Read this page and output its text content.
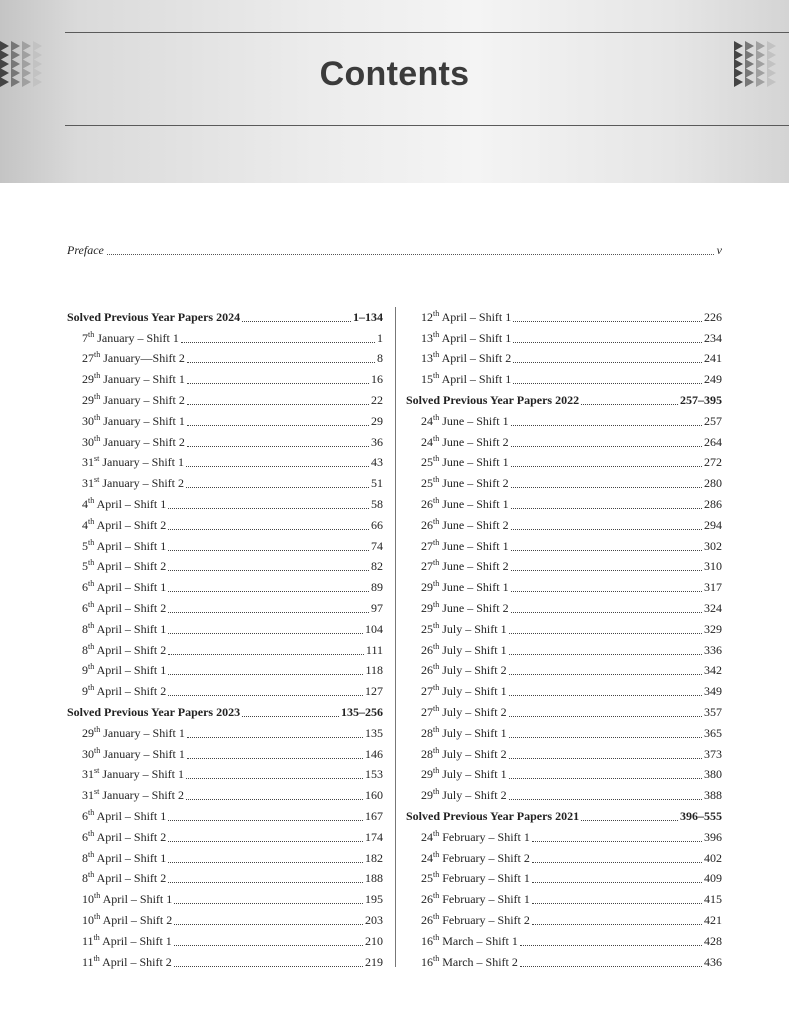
Contents
Preface	v
Solved Previous Year Papers 2024	1–134
7th January – Shift 1	1
27th January—Shift 2	8
29th January – Shift 1	16
29th January – Shift 2	22
30th January – Shift 1	29
30th January – Shift 2	36
31st January – Shift 1	43
31st January – Shift 2	51
4th April – Shift 1	58
4th April – Shift 2	66
5th April – Shift 1	74
5th April – Shift 2	82
6th April – Shift 1	89
6th April – Shift 2	97
8th April – Shift 1	104
8th April – Shift 2	111
9th April – Shift 1	118
9th April – Shift 2	127
Solved Previous Year Papers 2023	135–256
29th January – Shift 1	135
30th January – Shift 1	146
31st January – Shift 1	153
31st January – Shift 2	160
6th April – Shift 1	167
6th April – Shift 2	174
8th April – Shift 1	182
8th April – Shift 2	188
10th April – Shift 1	195
10th April – Shift 2	203
11th April – Shift 1	210
11th April – Shift 2	219
12th April – Shift 1	226
13th April – Shift 1	234
13th April – Shift 2	241
15th April – Shift 1	249
Solved Previous Year Papers 2022	257–395
24th June – Shift 1	257
24th June – Shift 2	264
25th June – Shift 1	272
25th June – Shift 2	280
26th June – Shift 1	286
26th June – Shift 2	294
27th June – Shift 1	302
27th June – Shift 2	310
29th June – Shift 1	317
29th June – Shift 2	324
25th July – Shift 1	329
26th July – Shift 1	336
26th July – Shift 2	342
27th July – Shift 1	349
27th July – Shift 2	357
28th July – Shift 1	365
28th July – Shift 2	373
29th July – Shift 1	380
29th July – Shift 2	388
Solved Previous Year Papers 2021	396–555
24th February – Shift 1	396
24th February – Shift 2	402
25th February – Shift 1	409
26th February – Shift 1	415
26th February – Shift 2	421
16th March – Shift 1	428
16th March – Shift 2	436
